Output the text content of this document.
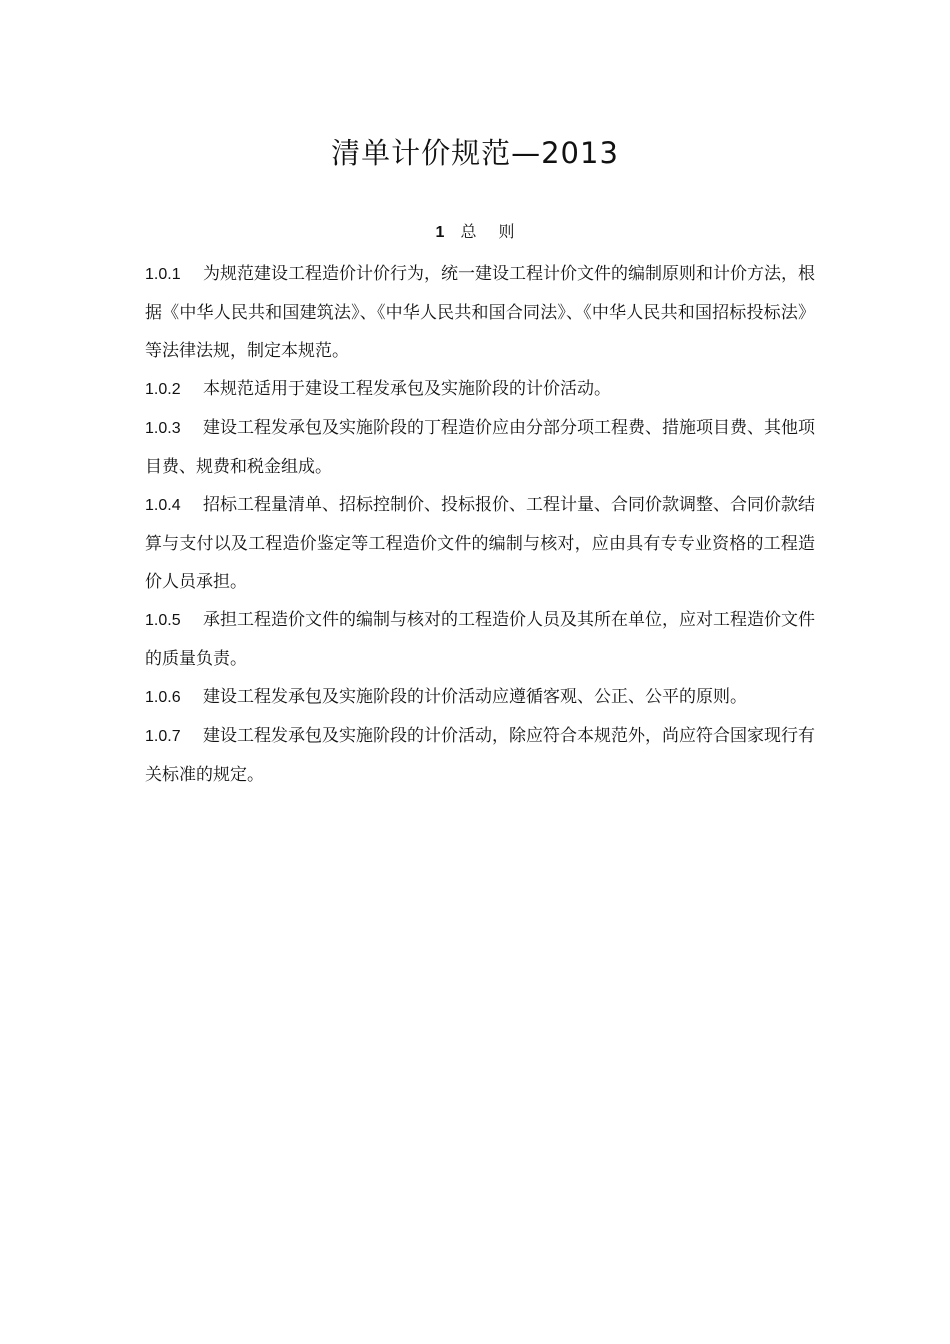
清单计价规范—2013
1 总则
1.0.1 为规范建设工程造价计价行为，统一建设工程计价文件的编制原则和计价方法，根据《中华人民共和国建筑法》、《中华人民共和国合同法》、《中华人民共和国招标投标法》等法律法规，制定本规范。
1.0.2 本规范适用于建设工程发承包及实施阶段的计价活动。
1.0.3 建设工程发承包及实施阶段的丁程造价应由分部分项工程费、措施项目费、其他项目费、规费和税金组成。
1.0.4 招标工程量清单、招标控制价、投标报价、工程计量、合同价款调整、合同价款结算与支付以及工程造价鉴定等工程造价文件的编制与核对，应由具有专专业资格的工程造价人员承担。
1.0.5 承担工程造价文件的编制与核对的工程造价人员及其所在单位，应对工程造价文件的质量负责。
1.0.6 建设工程发承包及实施阶段的计价活动应遵循客观、公正、公平的原则。
1.0.7 建设工程发承包及实施阶段的计价活动，除应符合本规范外，尚应符合国家现行有关标准的规定。
